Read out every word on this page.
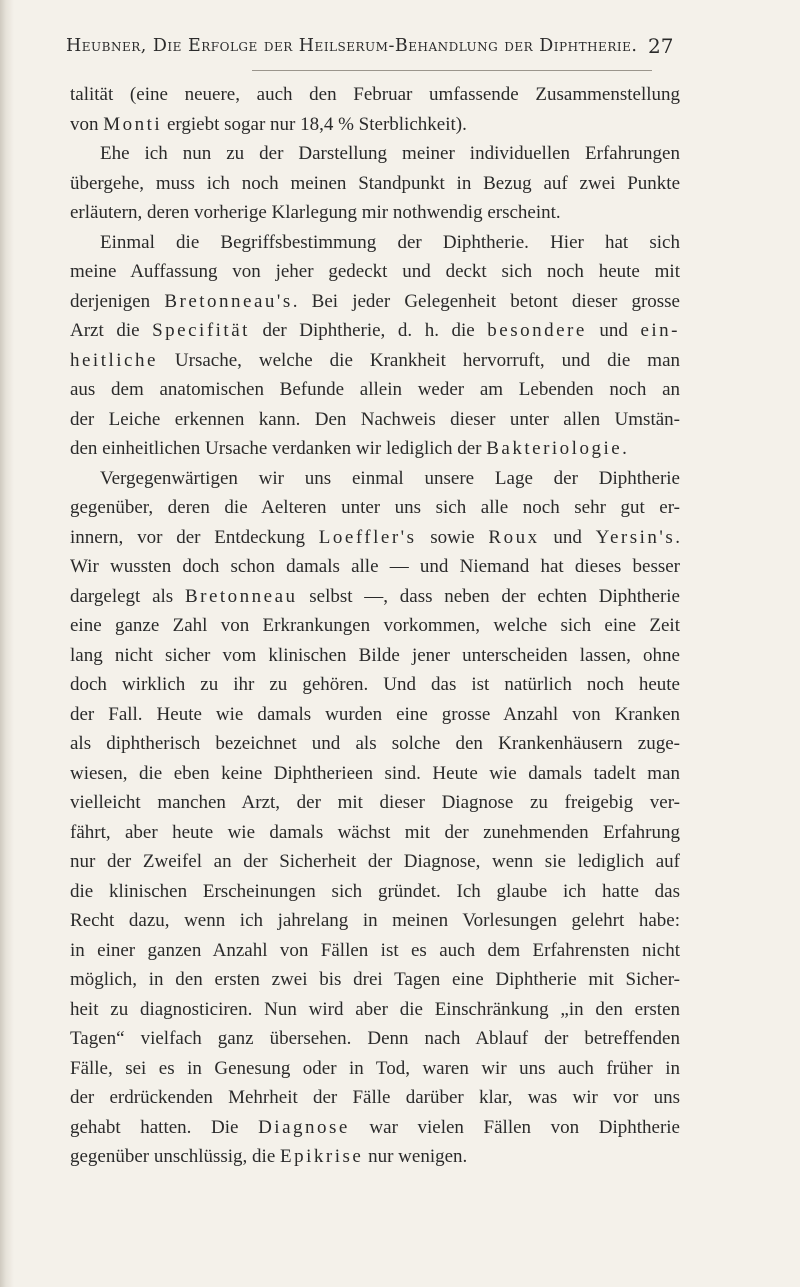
Heubner, Die Erfolge der Heilserum-Behandlung der Diphtherie. 27
talität (eine neuere, auch den Februar umfassende Zusammenstellung
von Monti ergiebt sogar nur 18,4 % Sterblichkeit).
Ehe ich nun zu der Darstellung meiner individuellen Erfahrungen
übergehe, muss ich noch meinen Standpunkt in Bezug auf zwei Punkte
erläutern, deren vorherige Klarlegung mir nothwendig erscheint.
Einmal die Begriffsbestimmung der Diphtherie. Hier hat sich
meine Auffassung von jeher gedeckt und deckt sich noch heute mit
derjenigen Bretonneau's. Bei jeder Gelegenheit betont dieser grosse
Arzt die Specifität der Diphtherie, d. h. die besondere und ein-
heitliche Ursache, welche die Krankheit hervorruft, und die man
aus dem anatomischen Befunde allein weder am Lebenden noch an
der Leiche erkennen kann. Den Nachweis dieser unter allen Umstän-
den einheitlichen Ursache verdanken wir lediglich der Bakteriologie.
Vergegenwärtigen wir uns einmal unsere Lage der Diphtherie
gegenüber, deren die Aelteren unter uns sich alle noch sehr gut er-
innern, vor der Entdeckung Loeffler's sowie Roux und Yersin's.
Wir wussten doch schon damals alle — und Niemand hat dieses besser
dargelegt als Bretonneau selbst —, dass neben der echten Diphtherie
eine ganze Zahl von Erkrankungen vorkommen, welche sich eine Zeit
lang nicht sicher vom klinischen Bilde jener unterscheiden lassen, ohne
doch wirklich zu ihr zu gehören. Und das ist natürlich noch heute
der Fall. Heute wie damals wurden eine grosse Anzahl von Kranken
als diphtherisch bezeichnet und als solche den Krankenhäusern zuge-
wiesen, die eben keine Diphtherieen sind. Heute wie damals tadelt man
vielleicht manchen Arzt, der mit dieser Diagnose zu freigebig ver-
fährt, aber heute wie damals wächst mit der zunehmenden Erfahrung
nur der Zweifel an der Sicherheit der Diagnose, wenn sie lediglich auf
die klinischen Erscheinungen sich gründet. Ich glaube ich hatte das
Recht dazu, wenn ich jahrelang in meinen Vorlesungen gelehrt habe:
in einer ganzen Anzahl von Fällen ist es auch dem Erfahrensten nicht
möglich, in den ersten zwei bis drei Tagen eine Diphtherie mit Sicher-
heit zu diagnosticiren. Nun wird aber die Einschränkung „in den ersten
Tagen“ vielfach ganz übersehen. Denn nach Ablauf der betreffenden
Fälle, sei es in Genesung oder in Tod, waren wir uns auch früher in
der erdrückenden Mehrheit der Fälle darüber klar, was wir vor uns
gehabt hatten. Die Diagnose war vielen Fällen von Diphtherie
gegenüber unschlüssig, die Epikrise nur wenigen.
